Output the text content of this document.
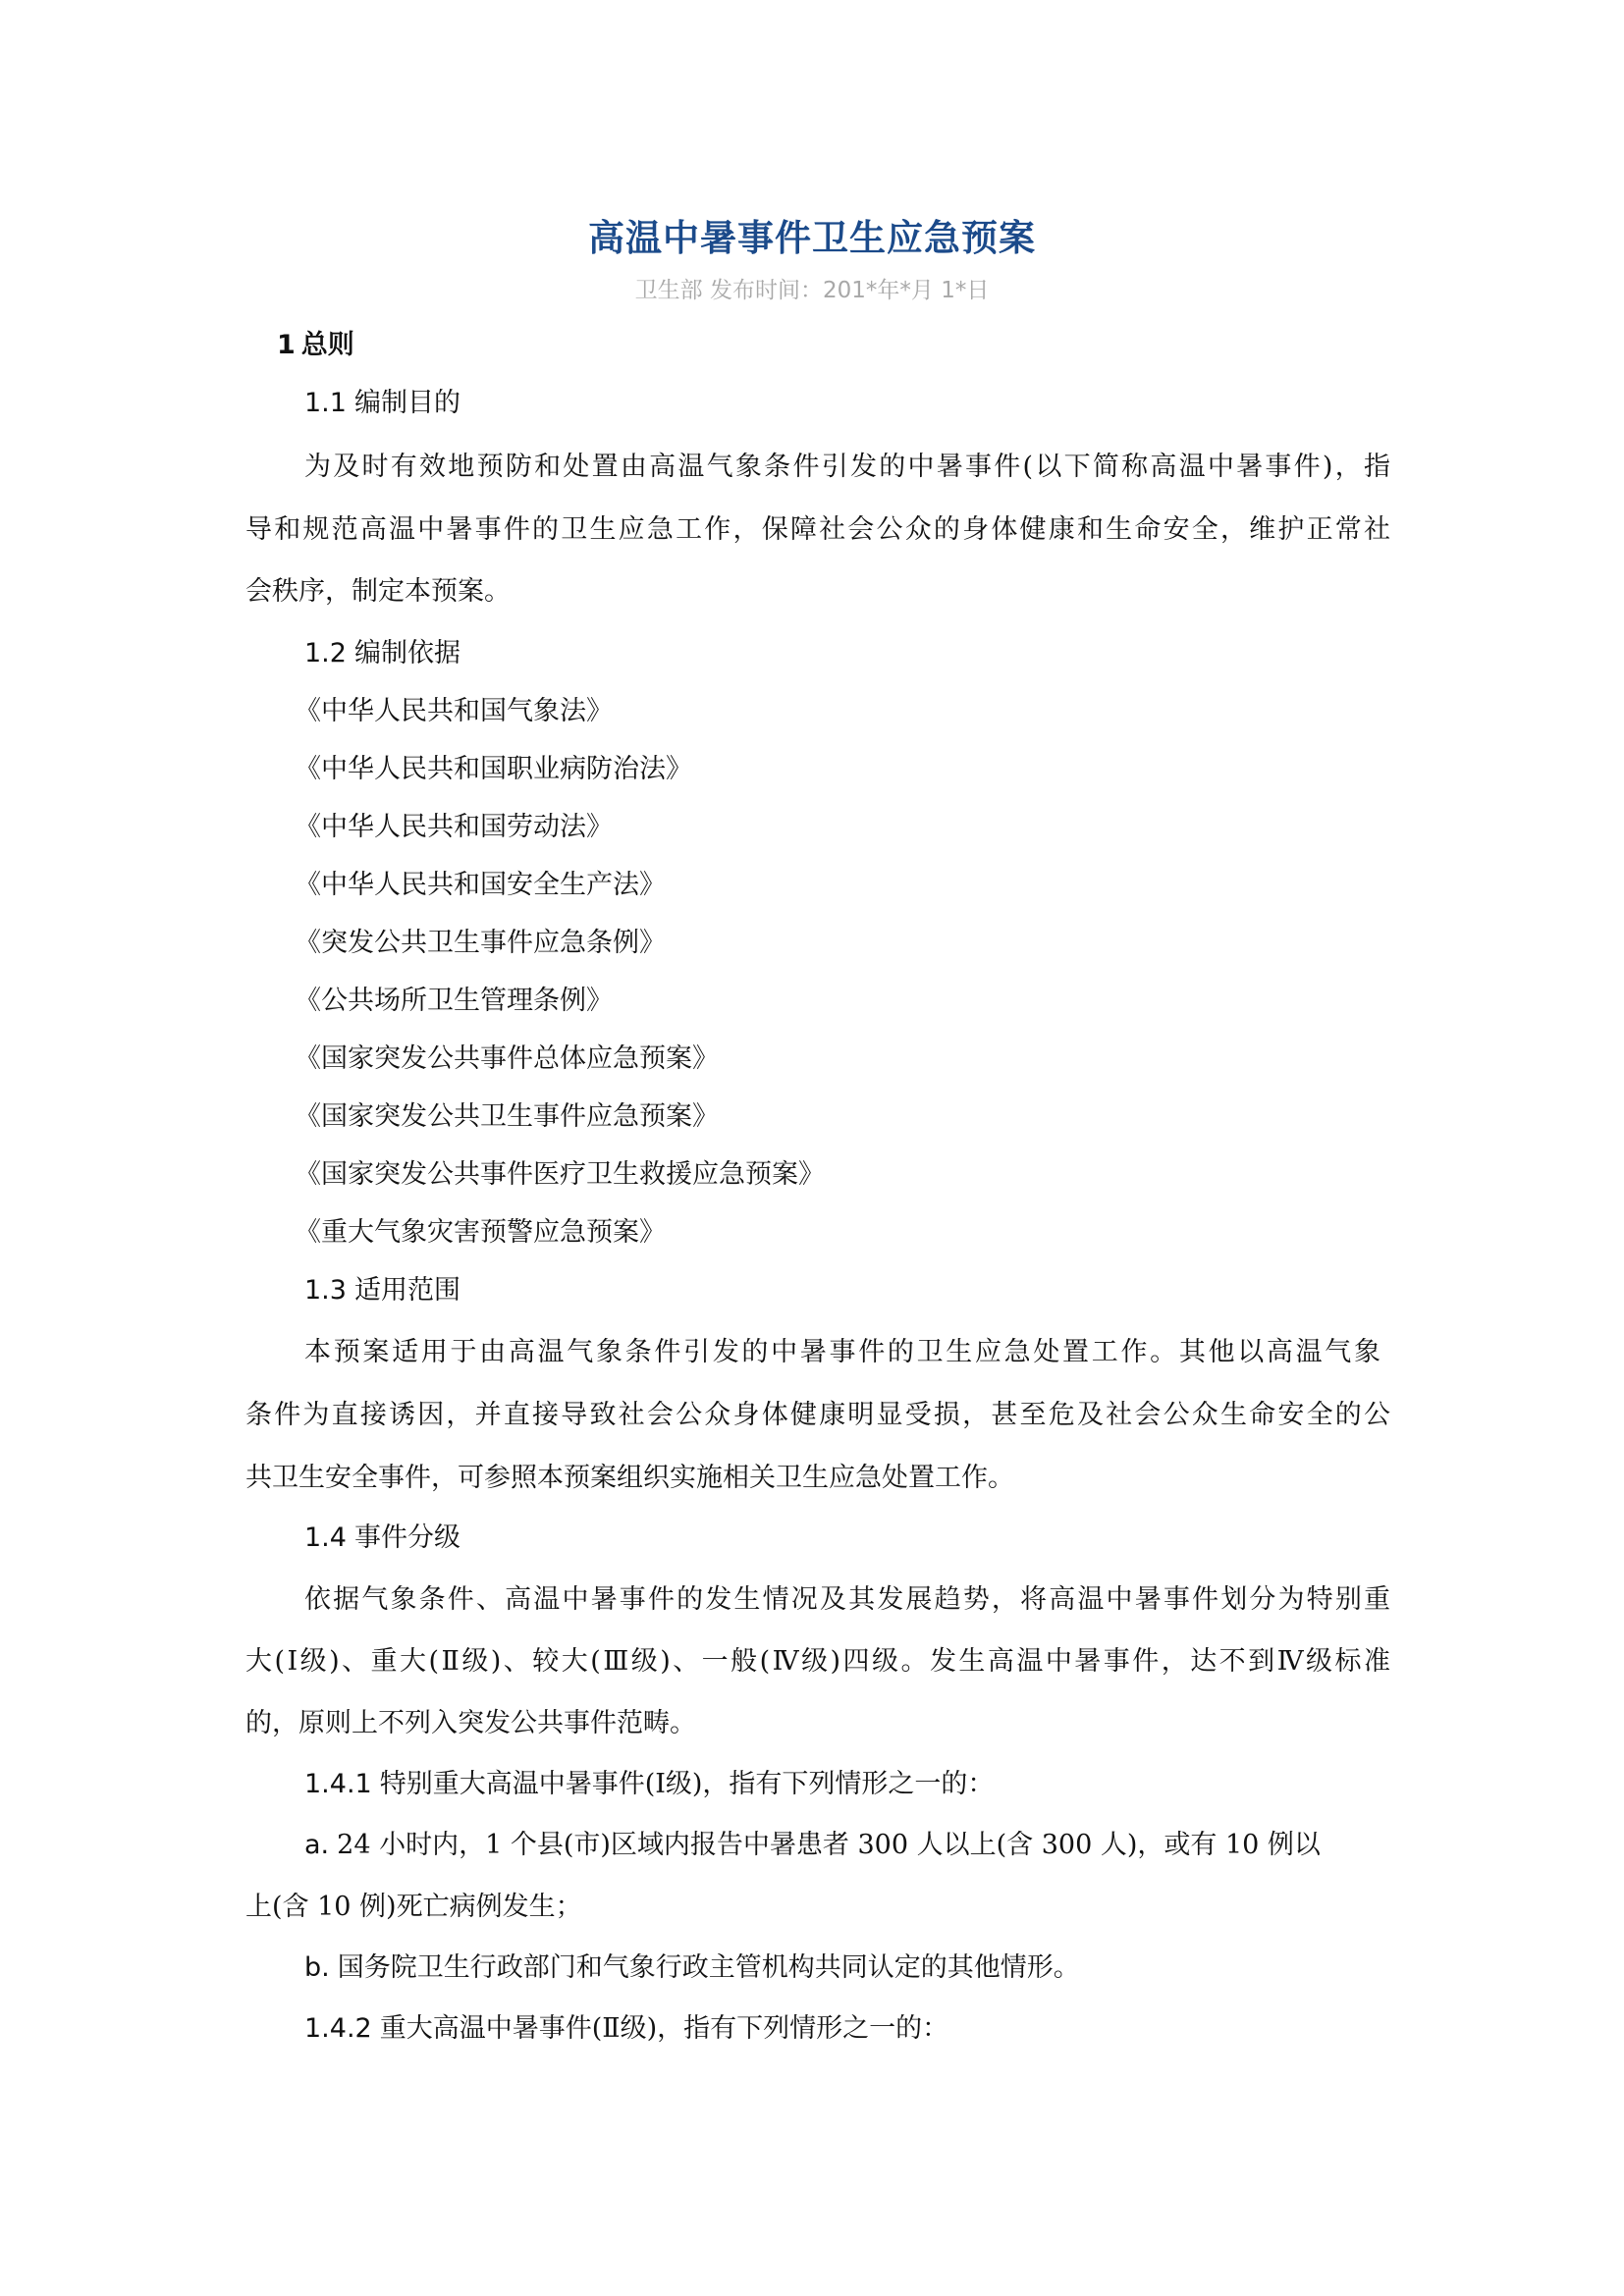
高温中暑事件卫生应急预案
卫生部 发布时间：201*年*月 1*日
1 总则
1.1 编制目的
为及时有效地预防和处置由高温气象条件引发的中暑事件(以下简称高温中暑事件)，指
导和规范高温中暑事件的卫生应急工作，保障社会公众的身体健康和生命安全，维护正常社
会秩序，制定本预案。
1.2 编制依据
《中华人民共和国气象法》
《中华人民共和国职业病防治法》
《中华人民共和国劳动法》
《中华人民共和国安全生产法》
《突发公共卫生事件应急条例》
《公共场所卫生管理条例》
《国家突发公共事件总体应急预案》
《国家突发公共卫生事件应急预案》
《国家突发公共事件医疗卫生救援应急预案》
《重大气象灾害预警应急预案》
1.3 适用范围
本预案适用于由高温气象条件引发的中暑事件的卫生应急处置工作。其他以高温气象
条件为直接诱因，并直接导致社会公众身体健康明显受损，甚至危及社会公众生命安全的公
共卫生安全事件，可参照本预案组织实施相关卫生应急处置工作。
1.4 事件分级
依据气象条件、高温中暑事件的发生情况及其发展趋势，将高温中暑事件划分为特别重
大(Ⅰ级)、重大(Ⅱ级)、较大(Ⅲ级)、一般(Ⅳ级)四级。发生高温中暑事件，达不到Ⅳ级标准
的，原则上不列入突发公共事件范畴。
1.4.1 特别重大高温中暑事件(Ⅰ级)，指有下列情形之一的：
a. 24 小时内，1 个县(市)区域内报告中暑患者 300 人以上(含 300 人)，或有 10 例以
上(含 10 例)死亡病例发生；
b. 国务院卫生行政部门和气象行政主管机构共同认定的其他情形。
1.4.2 重大高温中暑事件(Ⅱ级)，指有下列情形之一的：
